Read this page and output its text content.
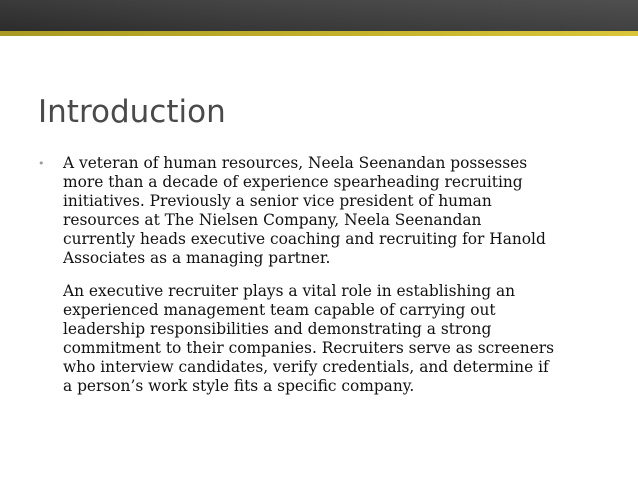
Introduction
•	A veteran of human resources, Neela Seenandan possesses
more than a decade of experience spearheading recruiting
initiatives. Previously a senior vice president of human
resources at The Nielsen Company, Neela Seenandan
currently heads executive coaching and recruiting for Hanold
Associates as a managing partner.

An executive recruiter plays a vital role in establishing an
experienced management team capable of carrying out
leadership responsibilities and demonstrating a strong
commitment to their companies. Recruiters serve as screeners
who interview candidates, verify credentials, and determine if
a person’s work style fits a specific company.
